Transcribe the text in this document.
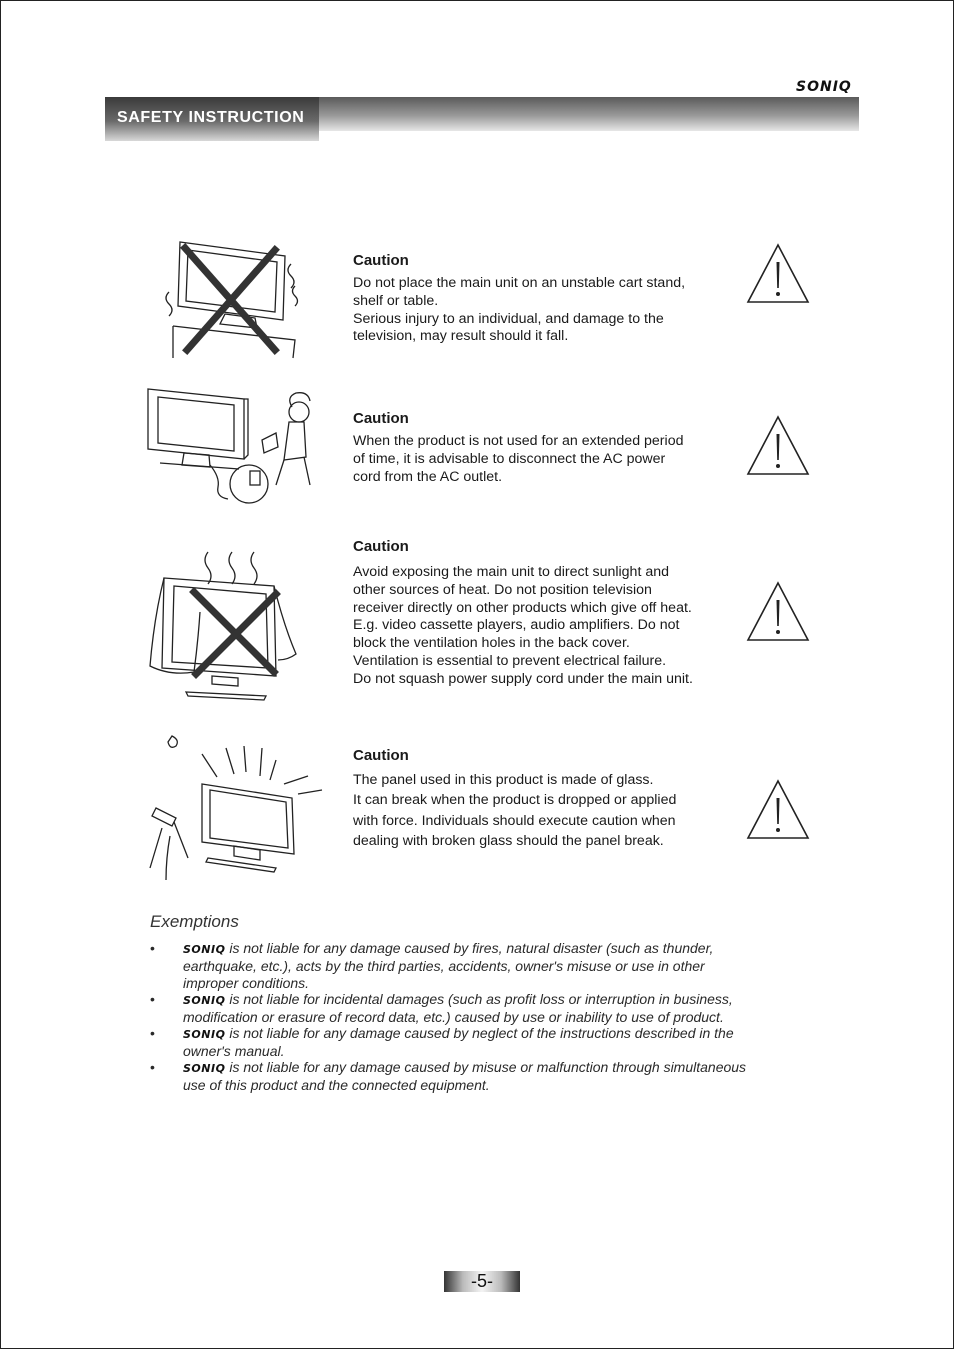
SONIQ
SAFETY INSTRUCTION
Caution

Do not place the main unit on an unstable cart stand,
shelf or table.
Serious injury to an individual, and damage to the
television, may result should it fall.

Caution

When the product is not used for an extended period
of time, it is advisable to disconnect the AC power
cord from the AC outlet.

Caution

Avoid exposing the main unit to direct sunlight and
other sources of heat. Do not position television
receiver directly on other products which give off heat.
E.g. video cassette players, audio amplifiers. Do not
block the ventilation holes in the back cover.
Ventilation is essential to prevent electrical failure.
Do not squash power supply cord under the main unit.

Caution

The panel used in this product is made of glass.
It can break when the product is dropped or applied
with force. Individuals should execute caution when
dealing with broken glass should the panel break.

Exemptions
•	SONIQ is not liable for any damage caused by fires, natural disaster (such as thunder,
earthquake, etc.), acts by the third parties, accidents, owner's misuse or use in other
improper conditions.
•	SONIQ is not liable for incidental damages (such as profit loss or interruption in business,
modification or erasure of record data, etc.) caused by use or inability to use of product.
•	SONIQ is not liable for any damage caused by neglect of the instructions described in the
owner's manual.
•	SONIQ is not liable for any damage caused by misuse or malfunction through simultaneous
use of this product and the connected equipment.
-5-
